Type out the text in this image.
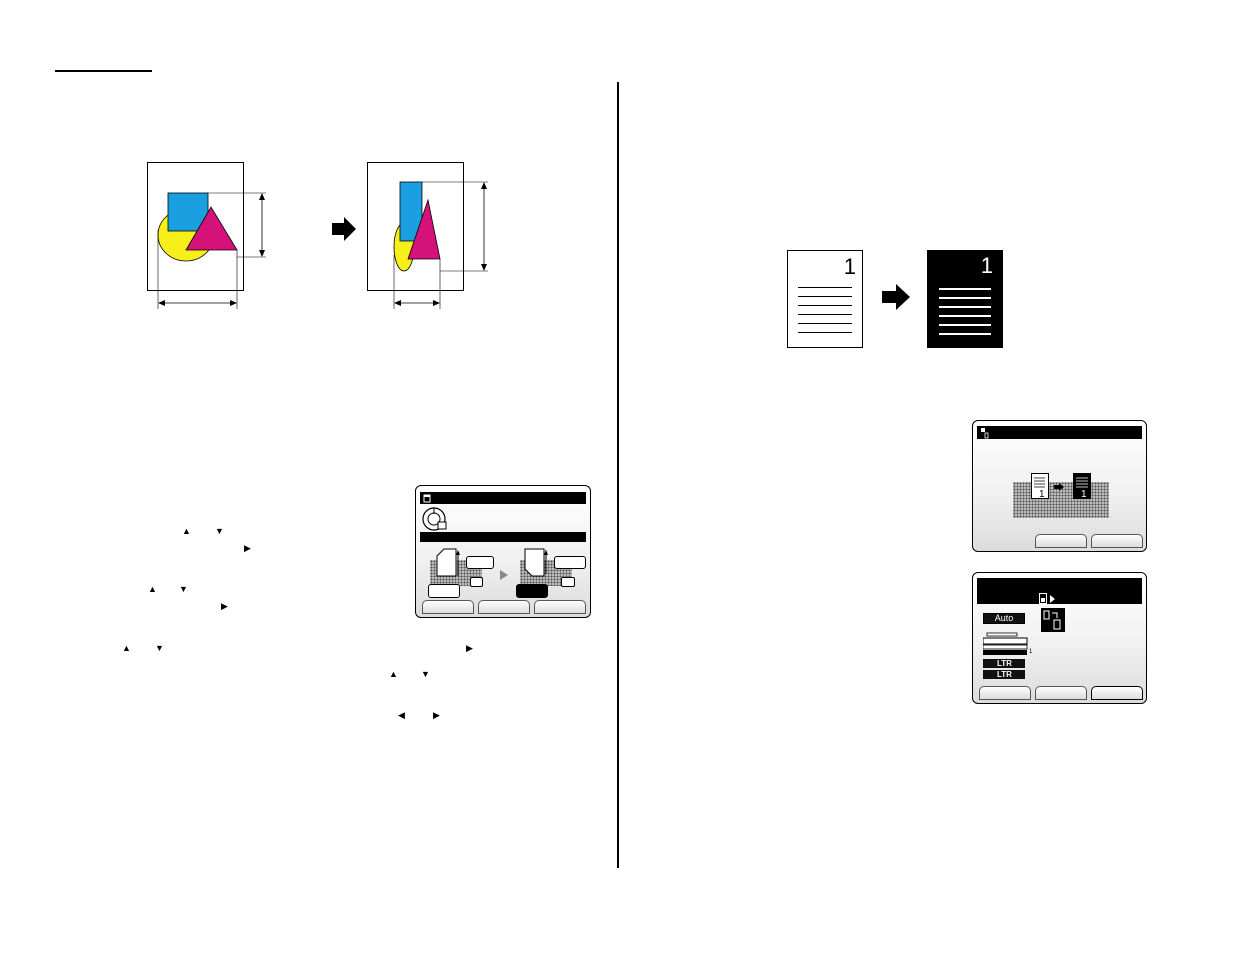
▲	▼
▶
▲ ▼
▶
▲	▼	▶
▲	▼
◀	▶
1	1
1	1
Auto
1
LTR
LTR
